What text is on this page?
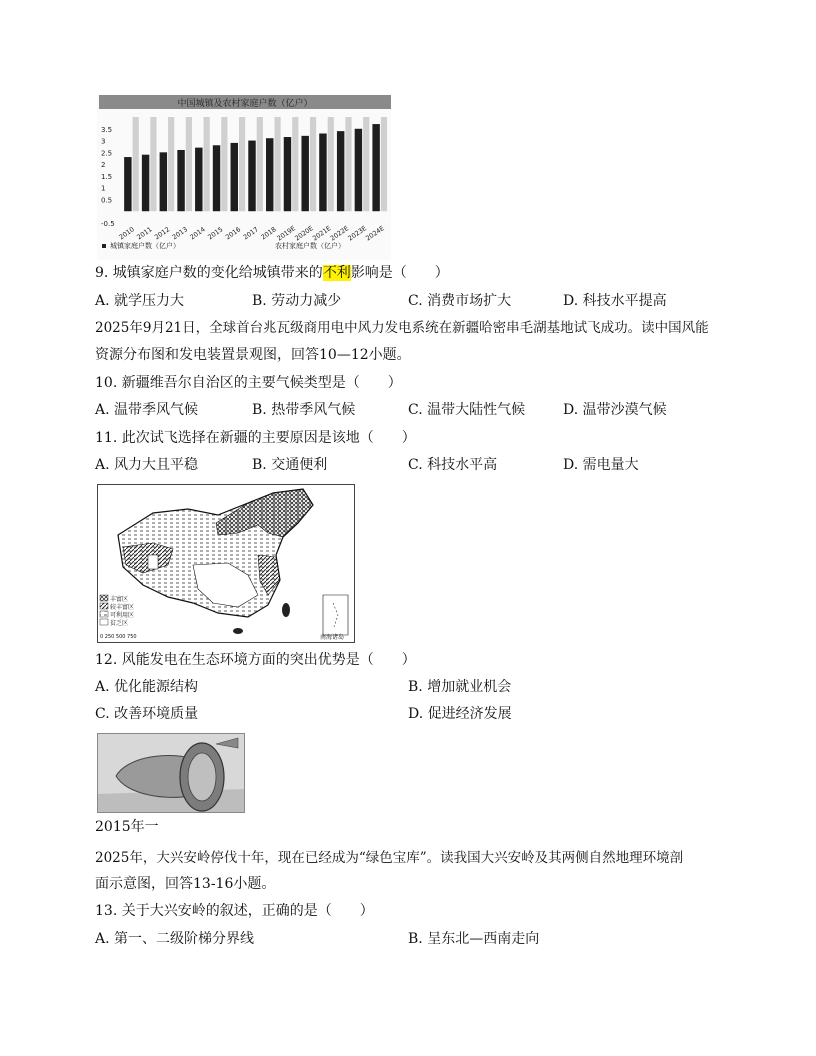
中国城镇及农村家庭户数（亿户）
3.5
3
2.5
2
1.5
1
0.5
-0.5
2010 2011 2012 2013 2014 2015 2016 2017 2018
2019E
2020E
2021E
2022E
2023E
2024E
城镇家庭户数（亿户）	农村家庭户数（亿户）
9. 城镇家庭户数的变化给城镇带来的不利影响是（　　）
A. 就学压力大	B. 劳动力减少	C. 消费市场扩大	D. 科技水平提高
2025年9月21日，全球首台兆瓦级商用电中风力发电系统在新疆哈密串毛湖基地试飞成功。读中国风能
资源分布图和发电装置景观图，回答10—12小题。
10. 新疆维吾尔自治区的主要气候类型是（　　）
A. 温带季风气候	B. 热带季风气候	C. 温带大陆性气候	D. 温带沙漠气候
11. 此次试飞选择在新疆的主要原因是该地（　　）
A. 风力大且平稳	B. 交通便利	C. 科技水平高	D. 需电量大
丰富区
较丰富区
可利用区
贫乏区
0 250 500 750	南海诸岛
12. 风能发电在生态环境方面的突出优势是（　　）
A. 优化能源结构	B. 增加就业机会
C. 改善环境质量	D. 促进经济发展
2015年一
2025年，大兴安岭停伐十年，现在已经成为“绿色宝库”。读我国大兴安岭及其两侧自然地理环境剖
面示意图，回答13-16小题。
13. 关于大兴安岭的叙述，正确的是（　　）
A. 第一、二级阶梯分界线	B. 呈东北—西南走向
